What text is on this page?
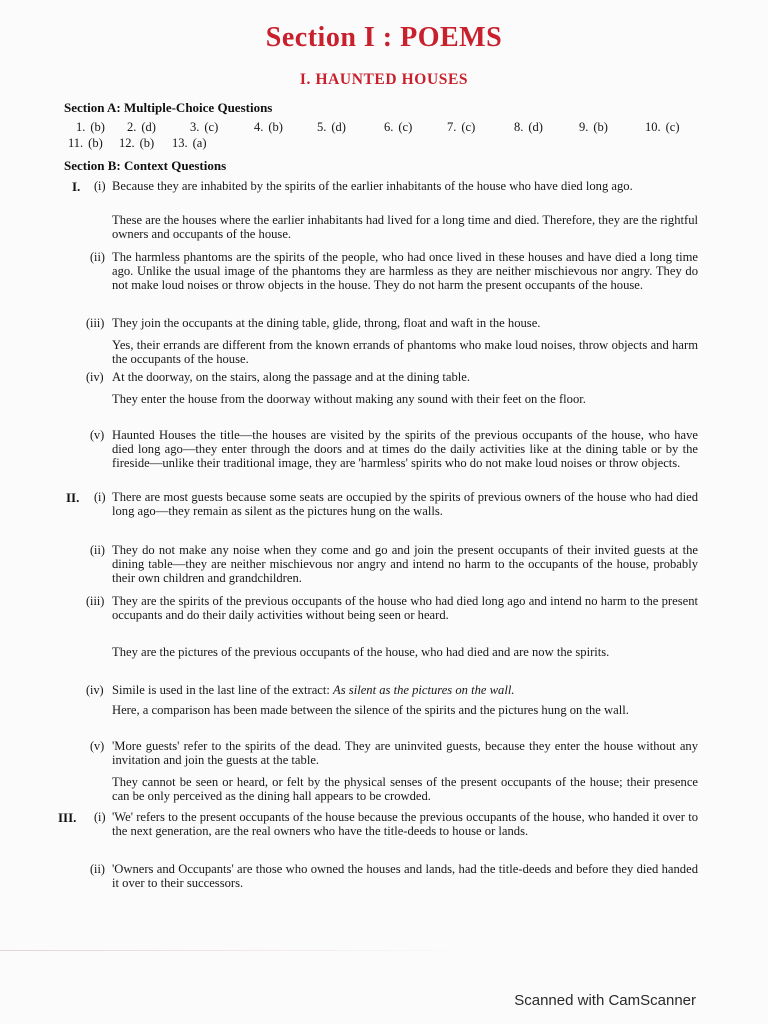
Section I : POEMS
I. HAUNTED HOUSES
Section A: Multiple-Choice Questions
1. (b) 2. (d)	3. (c)	4. (b)	5. (d)	6. (c)	7. (c)	8. (d)	9. (b)	10. (c)
11. (b) 12. (b) 13. (a)
Section B: Context Questions
I. (i) Because they are inhabited by the spirits of the earlier inhabitants of the house who have died long ago.
These are the houses where the earlier inhabitants had lived for a long time and died. Therefore, they are the rightful owners and occupants of the house.
(ii) The harmless phantoms are the spirits of the people, who had once lived in these houses and have died a long time ago. Unlike the usual image of the phantoms they are harmless as they are neither mischievous nor angry. They do not make loud noises or throw objects in the house. They do not harm the present occupants of the house.
(iii) They join the occupants at the dining table, glide, throng, float and waft in the house.
Yes, their errands are different from the known errands of phantoms who make loud noises, throw objects and harm the occupants of the house.
(iv) At the doorway, on the stairs, along the passage and at the dining table.
They enter the house from the doorway without making any sound with their feet on the floor.
(v) Haunted Houses the title—the houses are visited by the spirits of the previous occupants of the house, who have died long ago—they enter through the doors and at times do the daily activities like at the dining table or by the fireside—unlike their traditional image, they are 'harmless' spirits who do not make loud noises or throw objects.
II. (i) There are most guests because some seats are occupied by the spirits of previous owners of the house who had died long ago—they remain as silent as the pictures hung on the walls.
(ii) They do not make any noise when they come and go and join the present occupants of their invited guests at the dining table—they are neither mischievous nor angry and intend no harm to the occupants of the house, probably their own children and grandchildren.
(iii) They are the spirits of the previous occupants of the house who had died long ago and intend no harm to the present occupants and do their daily activities without being seen or heard.
They are the pictures of the previous occupants of the house, who had died and are now the spirits.
(iv) Simile is used in the last line of the extract: As silent as the pictures on the wall.
Here, a comparison has been made between the silence of the spirits and the pictures hung on the wall.
(v) 'More guests' refer to the spirits of the dead. They are uninvited guests, because they enter the house without any invitation and join the guests at the table.
They cannot be seen or heard, or felt by the physical senses of the present occupants of the house; their presence can be only perceived as the dining hall appears to be crowded.
III. (i) 'We' refers to the present occupants of the house because the previous occupants of the house, who handed it over to the next generation, are the real owners who have the title-deeds to house or lands.
(ii) 'Owners and Occupants' are those who owned the houses and lands, had the title-deeds and before they died handed it over to their successors.
Scanned with CamScanner
